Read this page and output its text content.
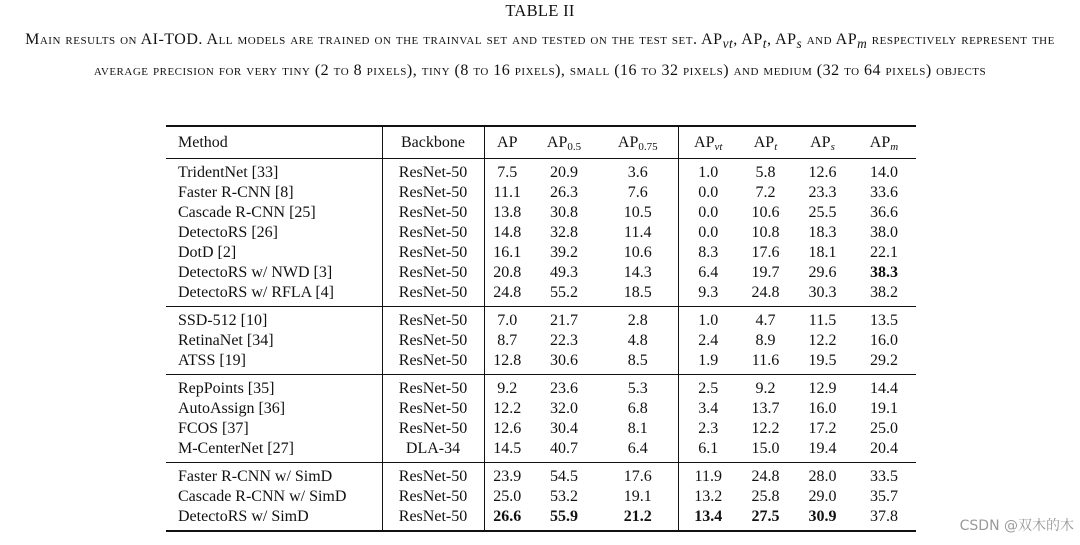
TABLE II
Main results on AI-TOD. All models are trained on the trainval set and tested on the test set. $AP_{vt}$, $AP_t$, $AP_s$ and $AP_m$ respectively represent the average precision for very tiny (2 to 8 pixels), tiny (8 to 16 pixels), small (16 to 32 pixels) and medium (32 to 64 pixels) objects
Method	Backbone	AP	$AP_{0.5}$	$AP_{0.75}$	$AP_{vt}$	$AP_t$	$AP_s$	$AP_m$
TridentNet [33]	ResNet-50	7.5	20.9	3.6	1.0	5.8	12.6	14.0
Faster R-CNN [8]	ResNet-50	11.1	26.3	7.6	0.0	7.2	23.3	33.6
Cascade R-CNN [25]	ResNet-50	13.8	30.8	10.5	0.0	10.6	25.5	36.6
DetectoRS [26]	ResNet-50	14.8	32.8	11.4	0.0	10.8	18.3	38.0
DotD [2]	ResNet-50	16.1	39.2	10.6	8.3	17.6	18.1	22.1
DetectoRS w/ NWD [3]	ResNet-50	20.8	49.3	14.3	6.4	19.7	29.6	38.3
DetectoRS w/ RFLA [4]	ResNet-50	24.8	55.2	18.5	9.3	24.8	30.3	38.2
SSD-512 [10]	ResNet-50	7.0	21.7	2.8	1.0	4.7	11.5	13.5
RetinaNet [34]	ResNet-50	8.7	22.3	4.8	2.4	8.9	12.2	16.0
ATSS [19]	ResNet-50	12.8	30.6	8.5	1.9	11.6	19.5	29.2
RepPoints [35]	ResNet-50	9.2	23.6	5.3	2.5	9.2	12.9	14.4
AutoAssign [36]	ResNet-50	12.2	32.0	6.8	3.4	13.7	16.0	19.1
FCOS [37]	ResNet-50	12.6	30.4	8.1	2.3	12.2	17.2	25.0
M-CenterNet [27]	DLA-34	14.5	40.7	6.4	6.1	15.0	19.4	20.4
Faster R-CNN w/ SimD	ResNet-50	23.9	54.5	17.6	11.9	24.8	28.0	33.5
Cascade R-CNN w/ SimD	ResNet-50	25.0	53.2	19.1	13.2	25.8	29.0	35.7
DetectoRS w/ SimD	ResNet-50	26.6	55.9	21.2	13.4	27.5	30.9	37.8
CSDN @双木的木
